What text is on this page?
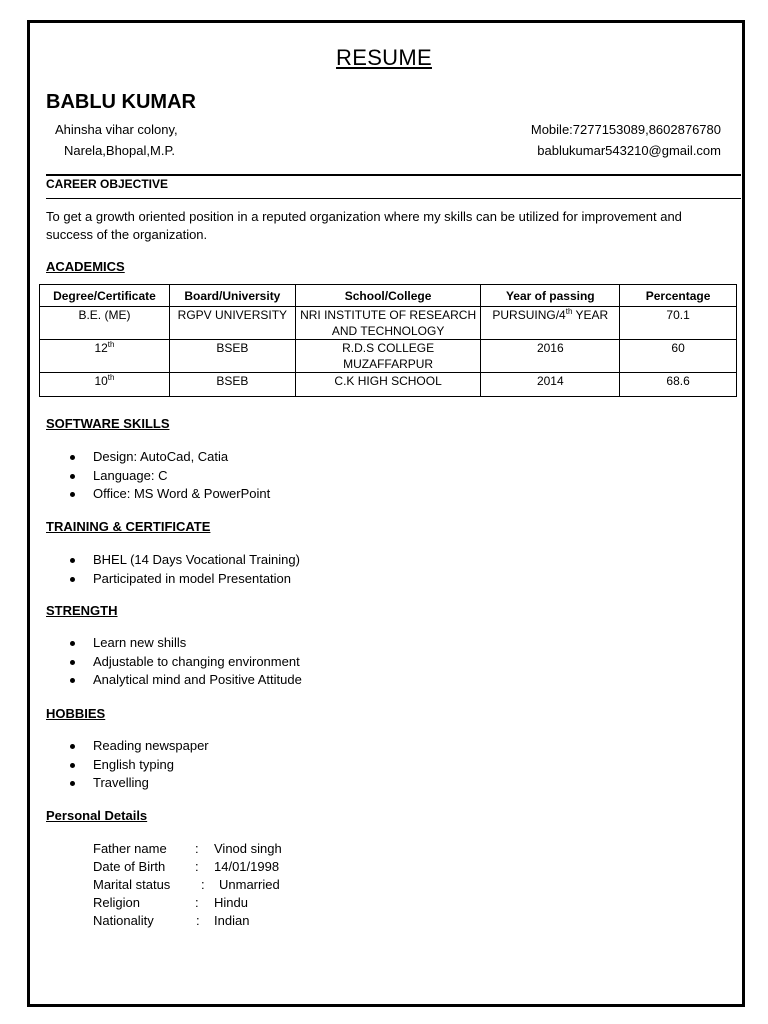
RESUME
BABLU KUMAR
Ahinsha vihar colony,
Narela,Bhopal,M.P.
Mobile:7277153089,8602876780
bablukumar543210@gmail.com
CAREER OBJECTIVE
To get a growth oriented position in a reputed organization where my skills can be utilized for improvement and success of the organization.
ACADEMICS
Degree/Certificate	Board/University	School/College	Year of passing	Percentage
B.E. (ME)	RGPV UNIVERSITY	NRI INSTITUTE OF RESEARCH AND TECHNOLOGY	PURSUING/4th YEAR	70.1
12th	BSEB	R.D.S COLLEGE MUZAFFARPUR	2016	60
10th	BSEB	C.K HIGH SCHOOL	2014	68.6
SOFTWARE SKILLS
Design: AutoCad, Catia
Language: C
Office: MS Word & PowerPoint
TRAINING & CERTIFICATE
BHEL (14 Days Vocational Training)
Participated in model Presentation
STRENGTH
Learn new shills
Adjustable to changing environment
Analytical mind and Positive Attitude
HOBBIES
Reading newspaper
English typing
Travelling
Personal Details
Father name : Vinod singh
Date of Birth : 14/01/1998
Marital status : Unmarried
Religion	: Hindu
Nationality	: Indian
